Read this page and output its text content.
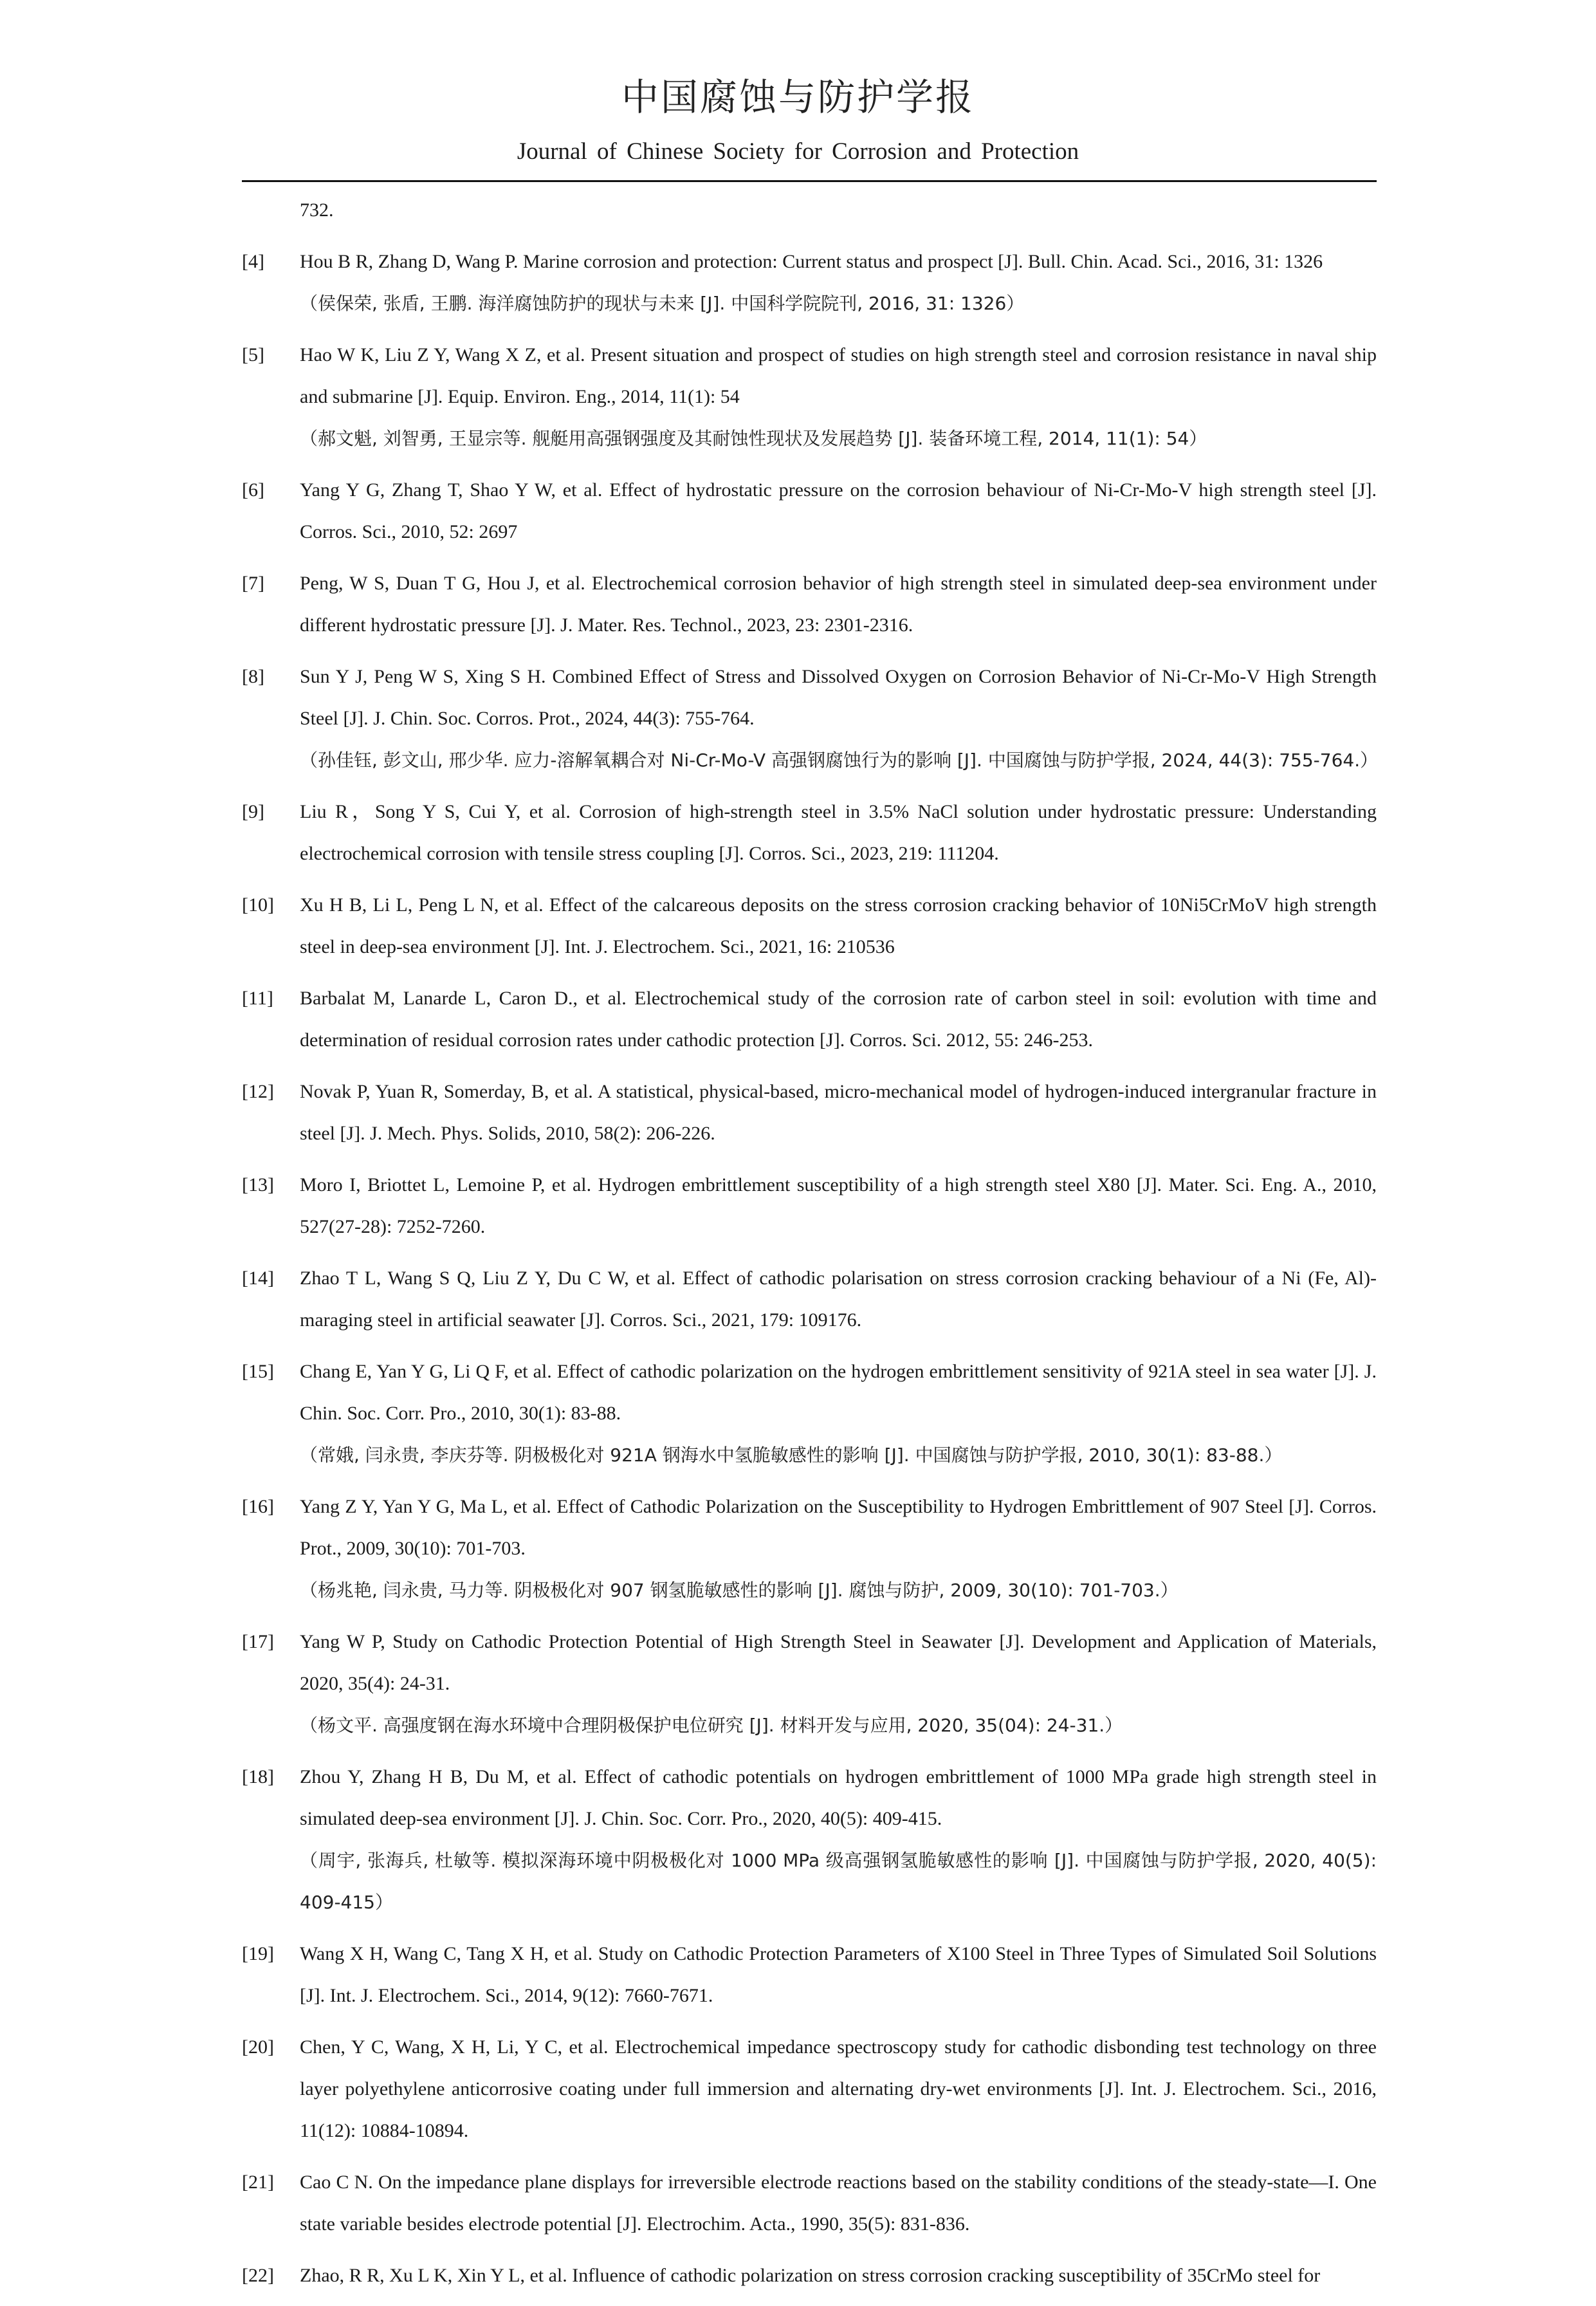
中国腐蚀与防护学报
Journal of Chinese Society for Corrosion and Protection
732.
[4] Hou B R, Zhang D, Wang P. Marine corrosion and protection: Current status and prospect [J]. Bull. Chin. Acad. Sci., 2016, 31: 1326
（侯保荣, 张盾, 王鹏. 海洋腐蚀防护的现状与未来 [J]. 中国科学院院刊, 2016, 31: 1326）
[5] Hao W K, Liu Z Y, Wang X Z, et al. Present situation and prospect of studies on high strength steel and corrosion resistance in naval ship and submarine [J]. Equip. Environ. Eng., 2014, 11(1): 54
（郝文魁, 刘智勇, 王显宗等. 舰艇用高强钢强度及其耐蚀性现状及发展趋势 [J]. 装备环境工程, 2014, 11(1): 54）
[6] Yang Y G, Zhang T, Shao Y W, et al. Effect of hydrostatic pressure on the corrosion behaviour of Ni-Cr-Mo-V high strength steel [J]. Corros. Sci., 2010, 52: 2697
[7] Peng, W S, Duan T G, Hou J, et al. Electrochemical corrosion behavior of high strength steel in simulated deep-sea environment under different hydrostatic pressure [J]. J. Mater. Res. Technol., 2023, 23: 2301-2316.
[8] Sun Y J, Peng W S, Xing S H. Combined Effect of Stress and Dissolved Oxygen on Corrosion Behavior of Ni-Cr-Mo-V High Strength Steel [J]. J. Chin. Soc. Corros. Prot., 2024, 44(3): 755-764.
（孙佳钰, 彭文山, 邢少华. 应力-溶解氧耦合对 Ni-Cr-Mo-V 高强钢腐蚀行为的影响 [J]. 中国腐蚀与防护学报, 2024, 44(3): 755-764.）
[9] Liu R，Song Y S, Cui Y, et al. Corrosion of high-strength steel in 3.5% NaCl solution under hydrostatic pressure: Understanding electrochemical corrosion with tensile stress coupling [J]. Corros. Sci., 2023, 219: 111204.
[10] Xu H B, Li L, Peng L N, et al. Effect of the calcareous deposits on the stress corrosion cracking behavior of 10Ni5CrMoV high strength steel in deep-sea environment [J]. Int. J. Electrochem. Sci., 2021, 16: 210536
[11] Barbalat M, Lanarde L, Caron D., et al. Electrochemical study of the corrosion rate of carbon steel in soil: evolution with time and determination of residual corrosion rates under cathodic protection [J]. Corros. Sci. 2012, 55: 246-253.
[12] Novak P, Yuan R, Somerday, B, et al. A statistical, physical-based, micro-mechanical model of hydrogen-induced intergranular fracture in steel [J]. J. Mech. Phys. Solids, 2010, 58(2): 206-226.
[13] Moro I, Briottet L, Lemoine P, et al. Hydrogen embrittlement susceptibility of a high strength steel X80 [J]. Mater. Sci. Eng. A., 2010, 527(27-28): 7252-7260.
[14] Zhao T L, Wang S Q, Liu Z Y, Du C W, et al. Effect of cathodic polarisation on stress corrosion cracking behaviour of a Ni (Fe, Al)-maraging steel in artificial seawater [J]. Corros. Sci., 2021, 179: 109176.
[15] Chang E, Yan Y G, Li Q F, et al. Effect of cathodic polarization on the hydrogen embrittlement sensitivity of 921A steel in sea water [J]. J. Chin. Soc. Corr. Pro., 2010, 30(1): 83-88.
（常娥, 闫永贵, 李庆芬等. 阴极极化对 921A 钢海水中氢脆敏感性的影响 [J]. 中国腐蚀与防护学报, 2010, 30(1): 83-88.）
[16] Yang Z Y, Yan Y G, Ma L, et al. Effect of Cathodic Polarization on the Susceptibility to Hydrogen Embrittlement of 907 Steel [J]. Corros. Prot., 2009, 30(10): 701-703.
（杨兆艳, 闫永贵, 马力等. 阴极极化对 907 钢氢脆敏感性的影响 [J]. 腐蚀与防护, 2009, 30(10): 701-703.）
[17] Yang W P, Study on Cathodic Protection Potential of High Strength Steel in Seawater [J]. Development and Application of Materials, 2020, 35(4): 24-31.
（杨文平. 高强度钢在海水环境中合理阴极保护电位研究 [J]. 材料开发与应用, 2020, 35(04): 24-31.）
[18] Zhou Y, Zhang H B, Du M, et al. Effect of cathodic potentials on hydrogen embrittlement of 1000 MPa grade high strength steel in simulated deep-sea environment [J]. J. Chin. Soc. Corr. Pro., 2020, 40(5): 409-415.
（周宇, 张海兵, 杜敏等. 模拟深海环境中阴极极化对 1000 MPa 级高强钢氢脆敏感性的影响 [J]. 中国腐蚀与防护学报, 2020, 40(5): 409-415）
[19] Wang X H, Wang C, Tang X H, et al. Study on Cathodic Protection Parameters of X100 Steel in Three Types of Simulated Soil Solutions [J]. Int. J. Electrochem. Sci., 2014, 9(12): 7660-7671.
[20] Chen, Y C, Wang, X H, Li, Y C, et al. Electrochemical impedance spectroscopy study for cathodic disbonding test technology on three layer polyethylene anticorrosive coating under full immersion and alternating dry-wet environments [J]. Int. J. Electrochem. Sci., 2016, 11(12): 10884-10894.
[21] Cao C N. On the impedance plane displays for irreversible electrode reactions based on the stability conditions of the steady-state—I. One state variable besides electrode potential [J]. Electrochim. Acta., 1990, 35(5): 831-836.
[22] Zhao, R R, Xu L K, Xin Y L, et al. Influence of cathodic polarization on stress corrosion cracking susceptibility of 35CrMo steel for
